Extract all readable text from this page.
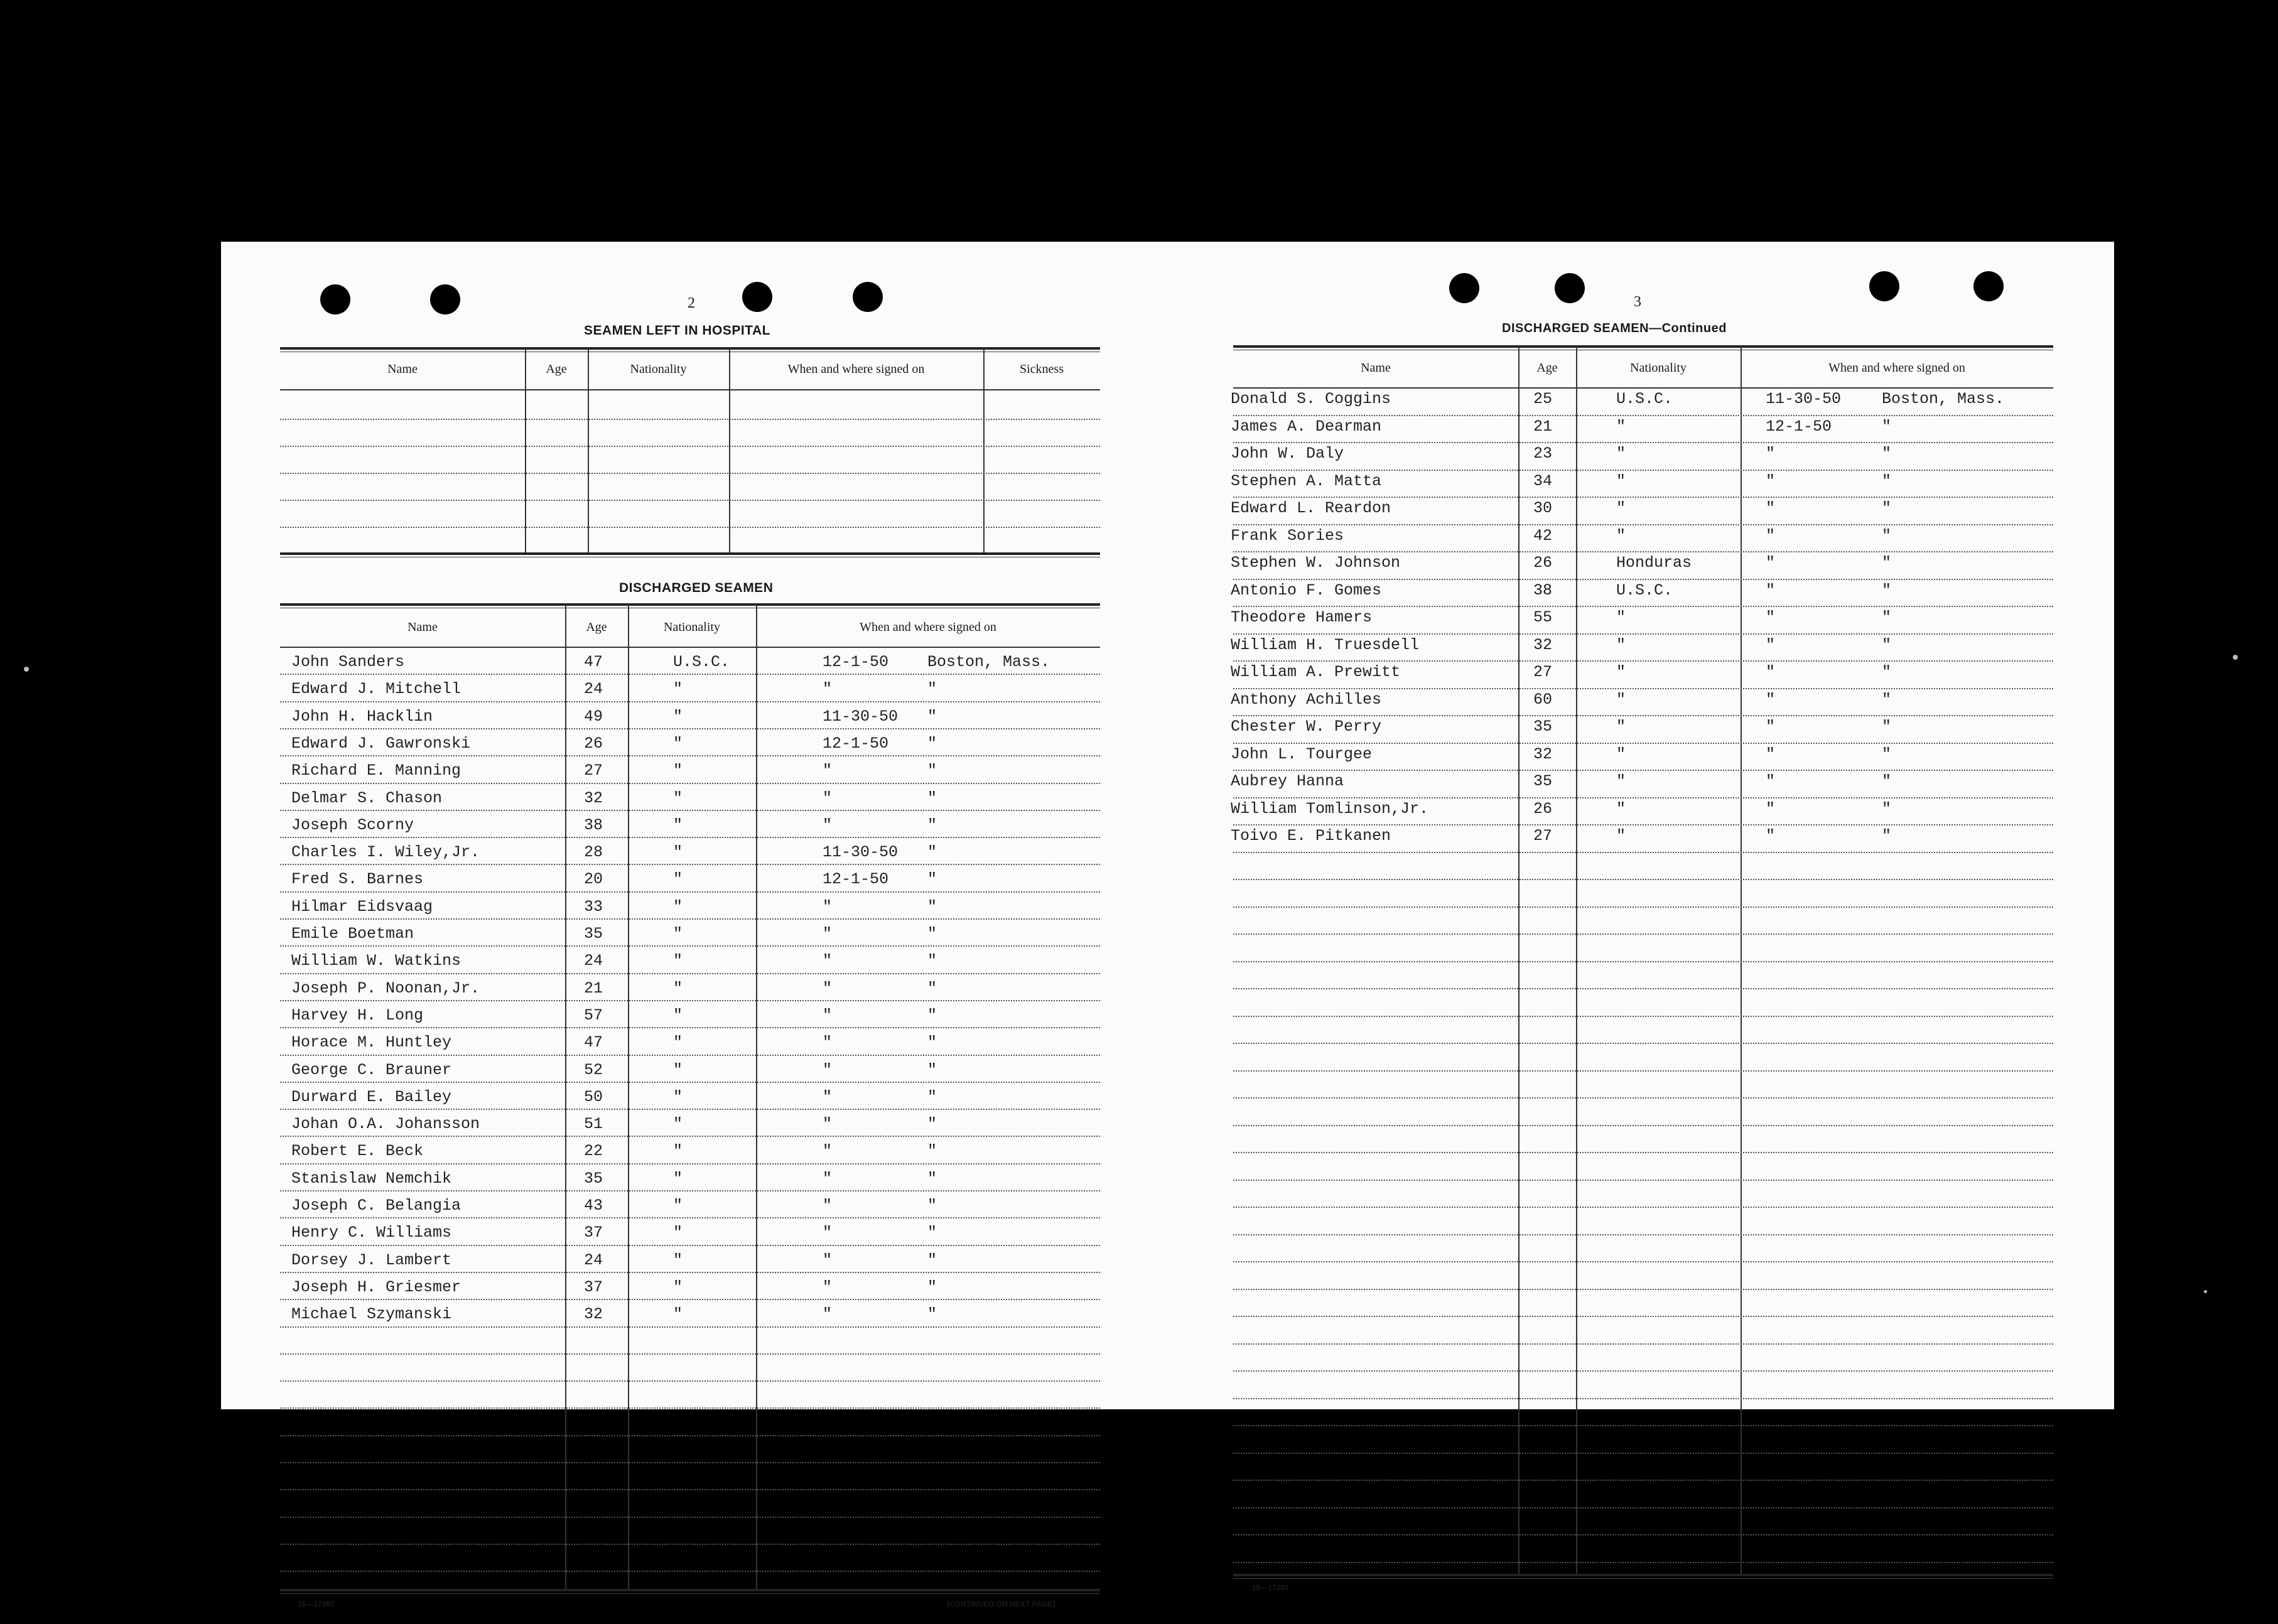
2
SEAMEN LEFT IN HOSPITAL
Name	Age	Nationality	When and where signed on	Sickness
DISCHARGED SEAMEN
Name	Age	Nationality	When and where signed on
John Sanders	47	U.S.C.	12-1-50 Boston, Mass.
Edward J. Mitchell	24	"	"	"
John H. Hacklin	49	"	11-30-50 "
Edward J. Gawronski	26	"	12-1-50 "
Richard E. Manning	27	"	"	"
Delmar S. Chason	32	"	"	"
Joseph Scorny	38	"	"	"
Charles I. Wiley,Jr.	28	"	11-30-50 "
Fred S. Barnes	20	"	12-1-50 "
Hilmar Eidsvaag	33	"	"	"
Emile Boetman	35	"	"	"
William W. Watkins	24	"	"	"
Joseph P. Noonan,Jr.	21	"	"	"
Harvey H. Long	57	"	"	"
Horace M. Huntley	47	"	"	"
George C. Brauner	52	"	"	"
Durward E. Bailey	50	"	"	"
Johan O.A. Johansson	51	"	"	"
Robert E. Beck	22	"	"	"
Stanislaw Nemchik	35	"	"	"
Joseph C. Belangia	43	"	"	"
Henry C. Williams	37	"	"	"
Dorsey J. Lambert	24	"	"	"
Joseph H. Griesmer	37	"	"	"
Michael Szymanski	32	"	"	"
16—17287	[CONTINUED ON NEXT PAGE]
3
DISCHARGED SEAMEN—Continued
Name	Age	Nationality	When and where signed on
Donald S. Coggins	25	U.S.C.	11-30-50	Boston, Mass.
James A. Dearman	21	"	12-1-50	"
John W. Daly	23	"	"	"
Stephen A. Matta	34	"	"	"
Edward L. Reardon	30	"	"	"
Frank Sories	42	"	"	"
Stephen W. Johnson	26	Honduras	"	"
Antonio F. Gomes	38	U.S.C.	"	"
Theodore Hamers	55	"	"	"
William H. Truesdell	32	"	"	"
William A. Prewitt	27	"	"	"
Anthony Achilles	60	"	"	"
Chester W. Perry	35	"	"	"
John L. Tourgee	32	"	"	"
Aubrey Hanna	35	"	"	"
William Tomlinson,Jr.	26	"	"	"
Toivo E. Pitkanen	27	"	"	"
16—17287
